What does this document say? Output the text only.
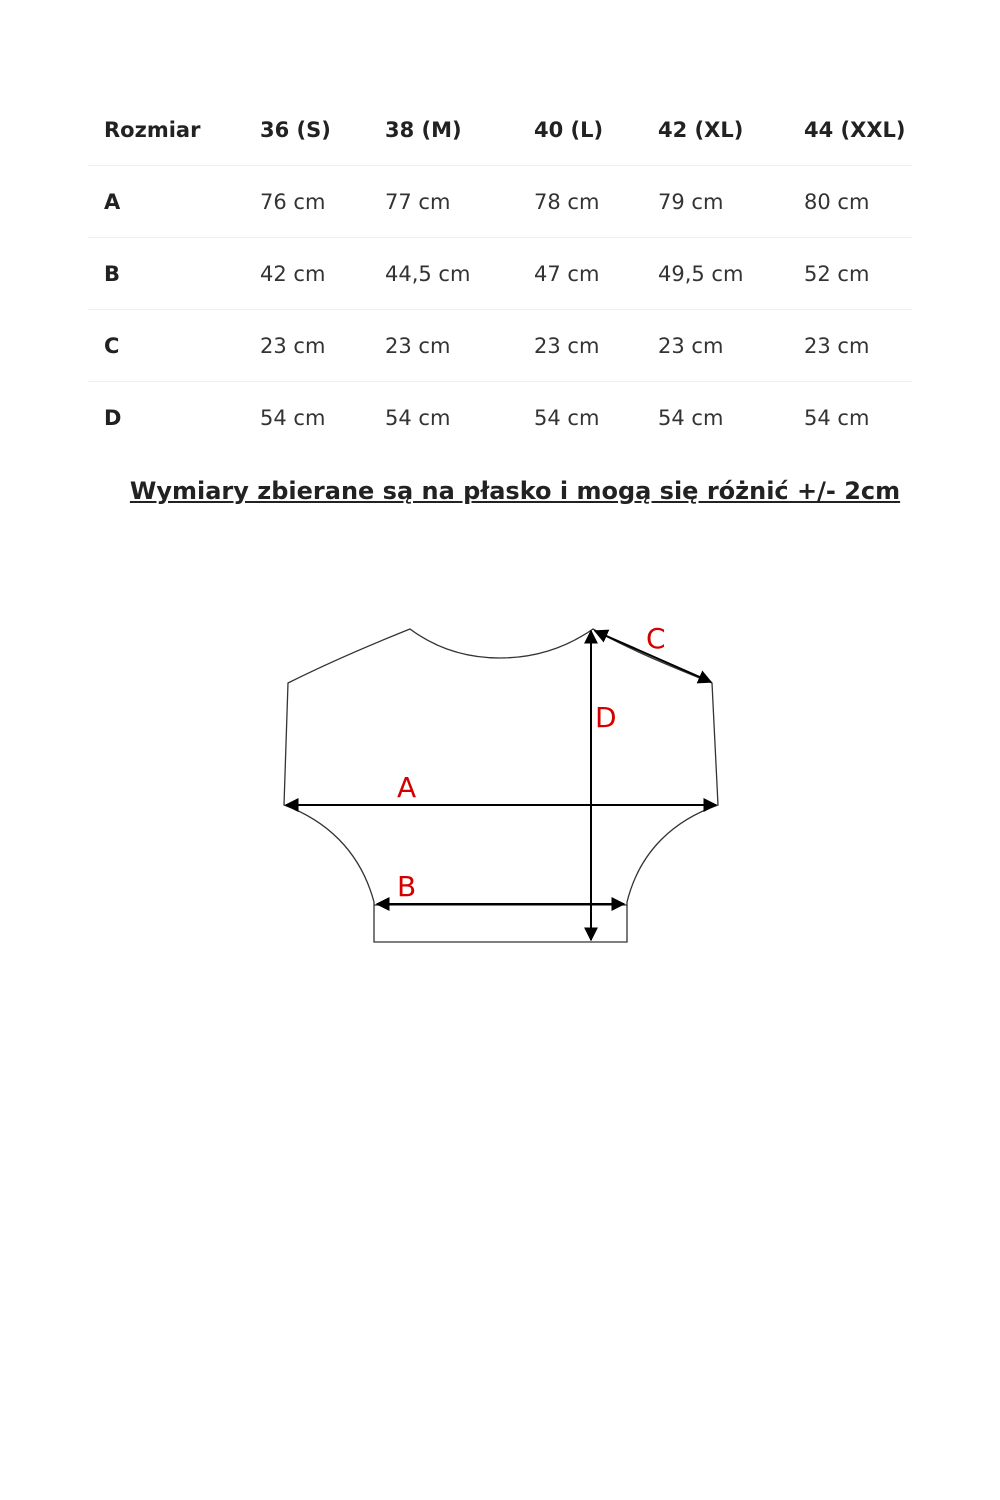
Rozmiar	36 (S)	38 (M)	40 (L)	42 (XL)	44 (XXL)
A	76 cm	77 cm	78 cm	79 cm	80 cm
B	42 cm	44,5 cm	47 cm	49,5 cm	52 cm
C	23 cm	23 cm	23 cm	23 cm	23 cm
D	54 cm	54 cm	54 cm	54 cm	54 cm
Wymiary zbierane są na płasko i mogą się różnić +/- 2cm
A
B
C
D
